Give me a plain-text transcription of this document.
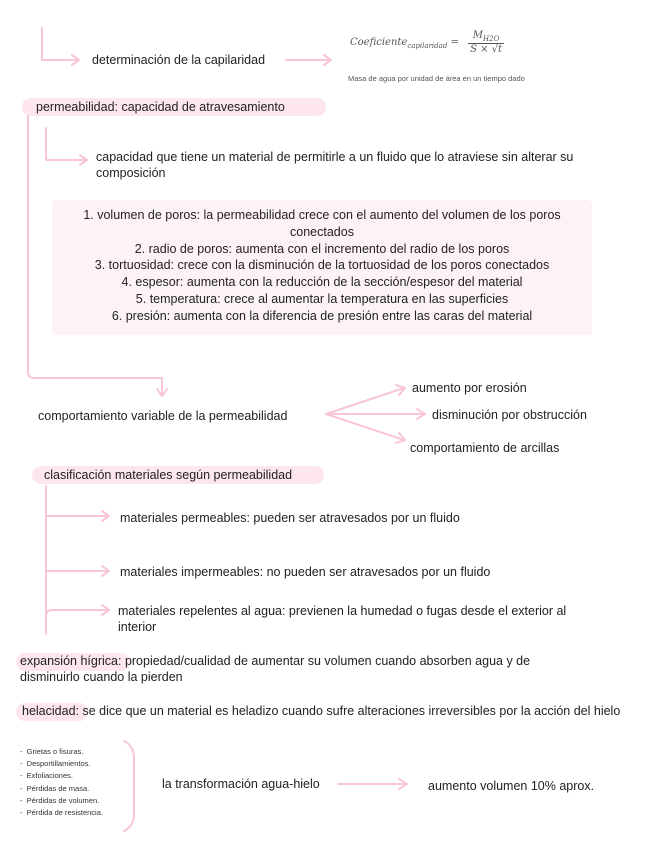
determinación de la capilaridad
Coeficiente$_{capilaridad}$ = $\frac{M_{H2O}}{S \times √t}$
Masa de agua por unidad de área en un tiempo dado
permeabilidad: capacidad de atravesamiento
capacidad que tiene un material de permitirle a un fluido que lo atraviese sin alterar su composición
1. volumen de poros: la permeabilidad crece con el aumento del volumen de los poros conectados
2. radio de poros: aumenta con el incremento del radio de los poros
3. tortuosidad: crece con la disminución de la tortuosidad de los poros conectados
4. espesor: aumenta con la reducción de la sección/espesor del material
5. temperatura: crece al aumentar la temperatura en las superficies
6. presión: aumenta con la diferencia de presión entre las caras del material
comportamiento variable de la permeabilidad
aumento por erosión
disminución por obstrucción
comportamiento de arcillas
clasificación materiales según permeabilidad
materiales permeables: pueden ser atravesados por un fluido
materiales impermeables: no pueden ser atravesados por un fluido
materiales repelentes al agua: previenen la humedad o fugas desde el exterior al interior
expansión hígrica: propiedad/cualidad de aumentar su volumen cuando absorben agua y de disminuirlo cuando la pierden
helacidad: se dice que un material es heladizo cuando sufre alteraciones irreversibles por la acción del hielo
-  Grietas o fisuras.
-  Desportillamientos.
-  Exfoliaciones.
-  Pérdidas de masa.
-  Pérdidas de volumen.
-  Pérdida de resistencia.
la transformación agua-hielo	aumento volumen 10% aprox.
